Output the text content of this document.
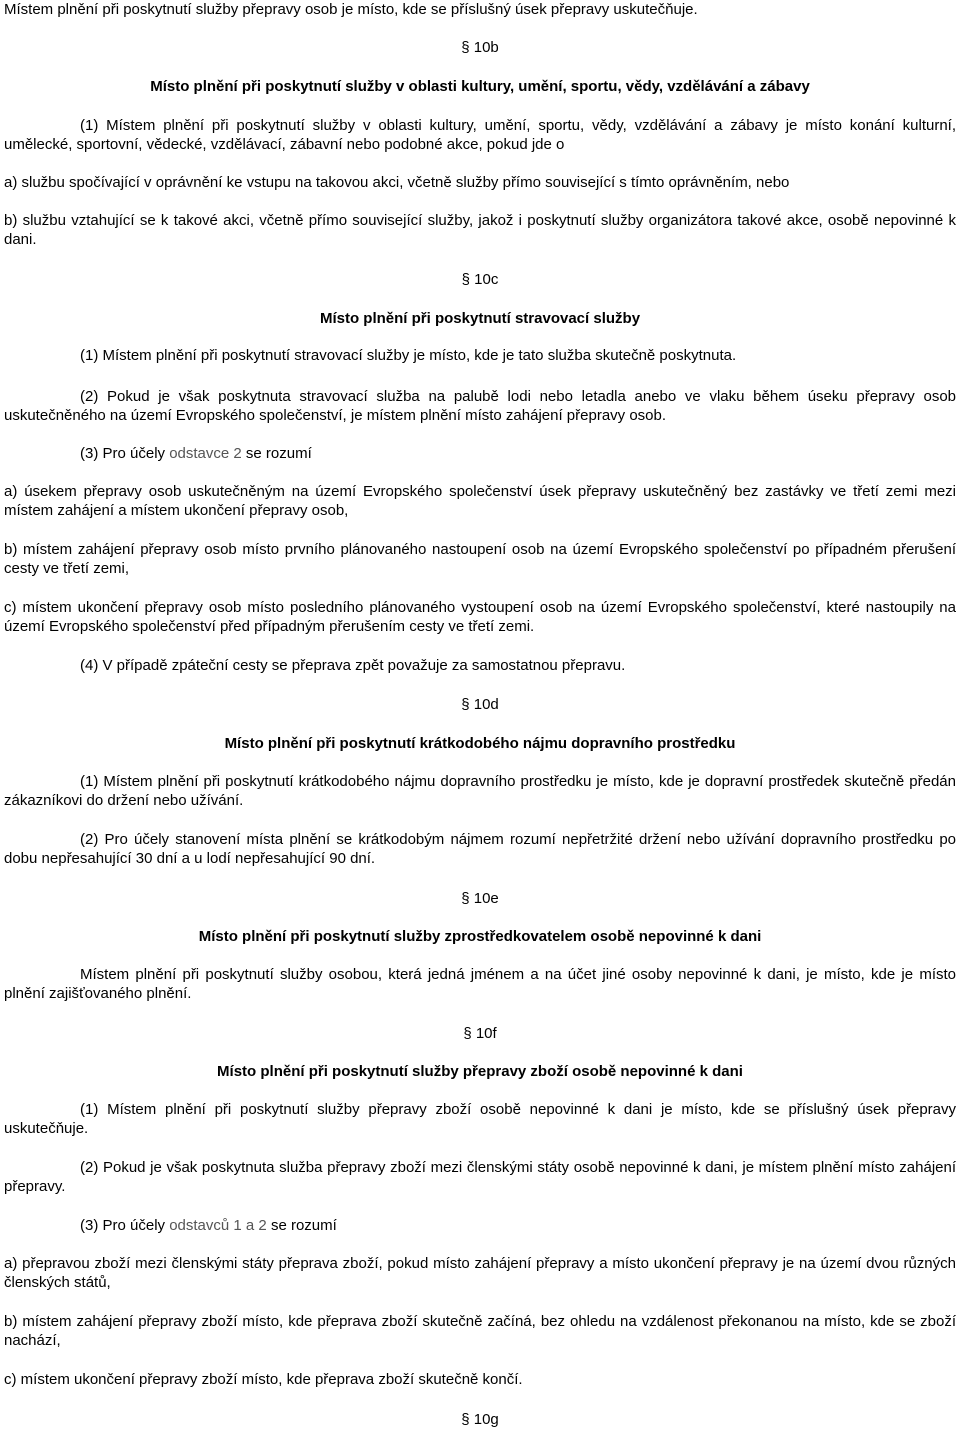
Místem plnění při poskytnutí služby přepravy osob je místo, kde se příslušný úsek přepravy uskutečňuje.

§ 10b

Místo plnění při poskytnutí služby v oblasti kultury, umění, sportu, vědy, vzdělávání a zábavy

(1) Místem plnění při poskytnutí služby v oblasti kultury, umění, sportu, vědy, vzdělávání a zábavy je místo konání kulturní, umělecké, sportovní, vědecké, vzdělávací, zábavní nebo podobné akce, pokud jde o

a) službu spočívající v oprávnění ke vstupu na takovou akci, včetně služby přímo související s tímto oprávněním, nebo

b) službu vztahující se k takové akci, včetně přímo související služby, jakož i poskytnutí služby organizátora takové akce, osobě nepovinné k dani.

§ 10c

Místo plnění při poskytnutí stravovací služby

(1) Místem plnění při poskytnutí stravovací služby je místo, kde je tato služba skutečně poskytnuta.

(2) Pokud je však poskytnuta stravovací služba na palubě lodi nebo letadla anebo ve vlaku během úseku přepravy osob uskutečněného na území Evropského společenství, je místem plnění místo zahájení přepravy osob.

(3) Pro účely odstavce 2 se rozumí

a) úsekem přepravy osob uskutečněným na území Evropského společenství úsek přepravy uskutečněný bez zastávky ve třetí zemi mezi místem zahájení a místem ukončení přepravy osob,

b) místem zahájení přepravy osob místo prvního plánovaného nastoupení osob na území Evropského společenství po případném přerušení cesty ve třetí zemi,

c) místem ukončení přepravy osob místo posledního plánovaného vystoupení osob na území Evropského společenství, které nastoupily na území Evropského společenství před případným přerušením cesty ve třetí zemi.

(4) V případě zpáteční cesty se přeprava zpět považuje za samostatnou přepravu.

§ 10d

Místo plnění při poskytnutí krátkodobého nájmu dopravního prostředku

(1) Místem plnění při poskytnutí krátkodobého nájmu dopravního prostředku je místo, kde je dopravní prostředek skutečně předán zákazníkovi do držení nebo užívání.

(2) Pro účely stanovení místa plnění se krátkodobým nájmem rozumí nepřetržité držení nebo užívání dopravního prostředku po dobu nepřesahující 30 dní a u lodí nepřesahující 90 dní.

§ 10e

Místo plnění při poskytnutí služby zprostředkovatelem osobě nepovinné k dani

Místem plnění při poskytnutí služby osobou, která jedná jménem a na účet jiné osoby nepovinné k dani, je místo, kde je místo plnění zajišťovaného plnění.

§ 10f

Místo plnění při poskytnutí služby přepravy zboží osobě nepovinné k dani

(1) Místem plnění při poskytnutí služby přepravy zboží osobě nepovinné k dani je místo, kde se příslušný úsek přepravy uskutečňuje.

(2) Pokud je však poskytnuta služba přepravy zboží mezi členskými státy osobě nepovinné k dani, je místem plnění místo zahájení přepravy.

(3) Pro účely odstavců 1 a 2 se rozumí

a) přepravou zboží mezi členskými státy přeprava zboží, pokud místo zahájení přepravy a místo ukončení přepravy je na území dvou různých členských států,

b) místem zahájení přepravy zboží místo, kde přeprava zboží skutečně začíná, bez ohledu na vzdálenost překonanou na místo, kde se zboží nachází,

c) místem ukončení přepravy zboží místo, kde přeprava zboží skutečně končí.

§ 10g
